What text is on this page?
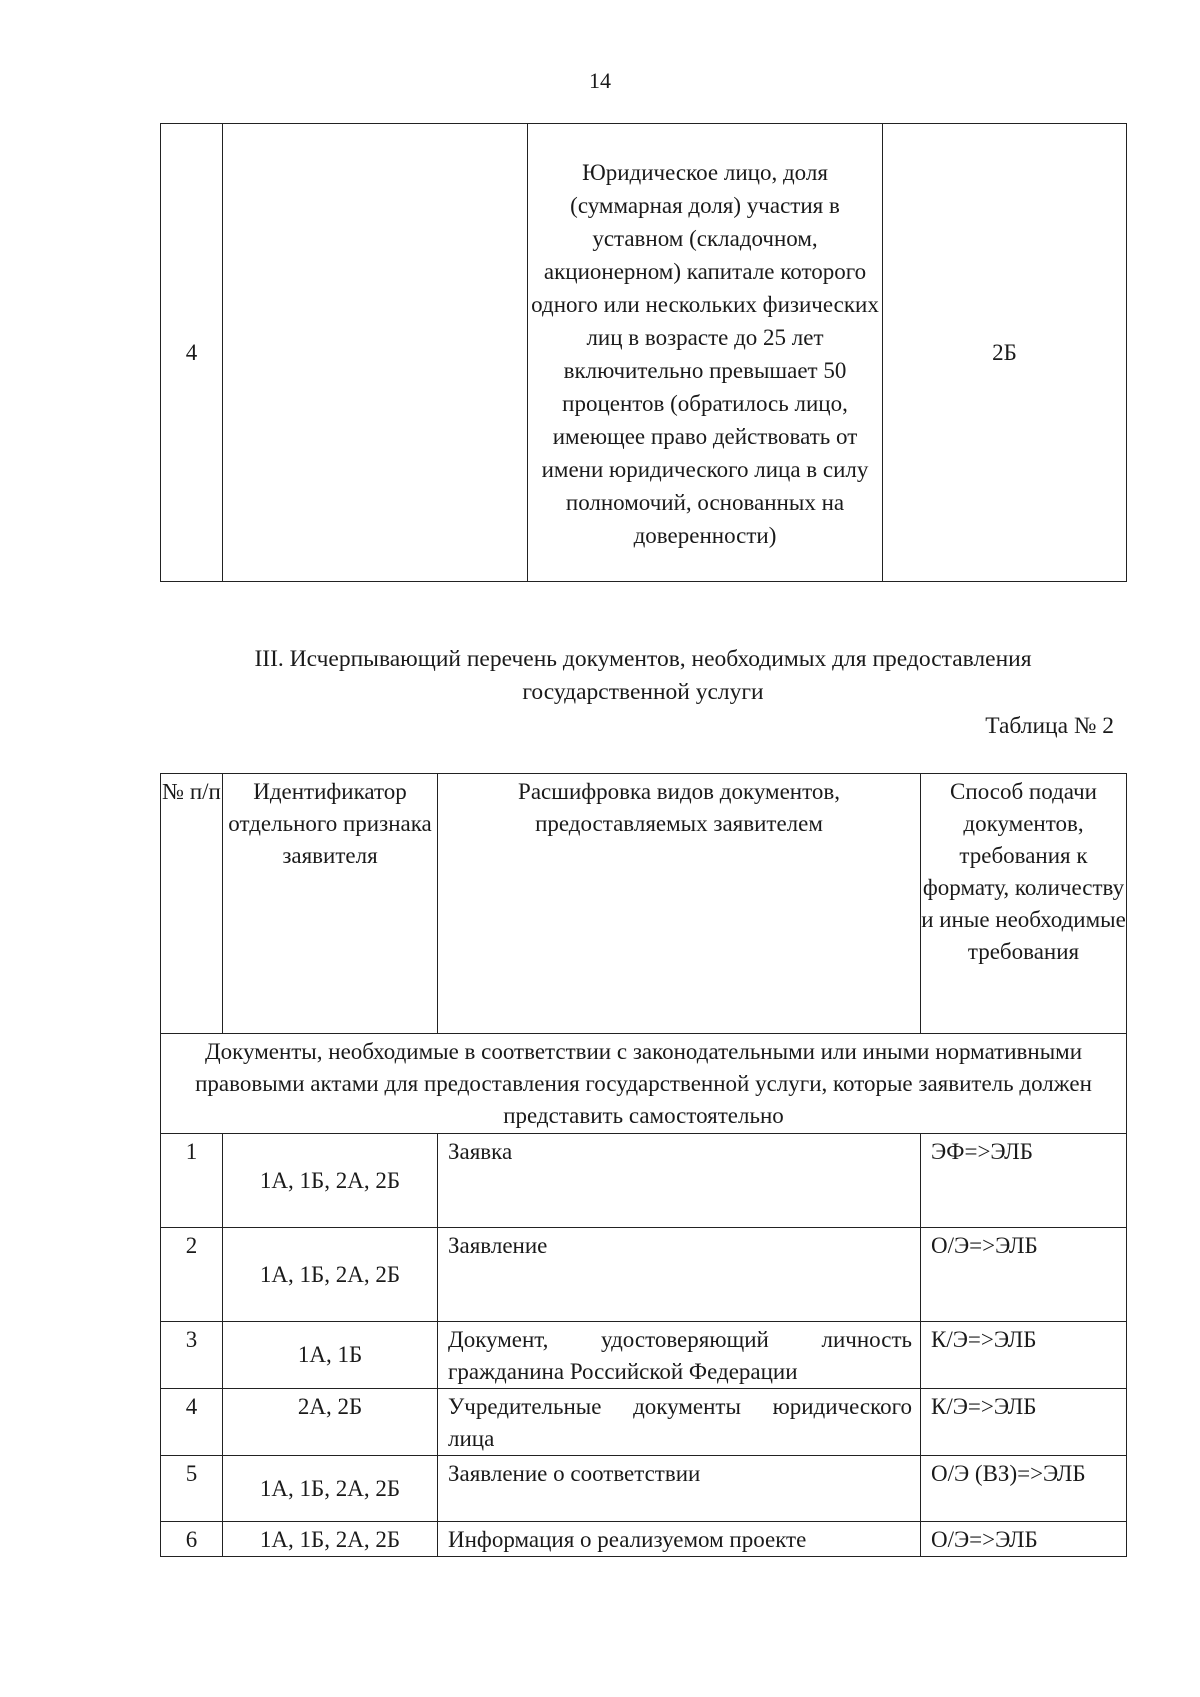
14
4		Юридическое лицо, доля (суммарная доля) участия в уставном (складочном, акционерном) капитале которого одного или нескольких физических лиц в возрасте до 25 лет включительно превышает 50 процентов (обратилось лицо, имеющее право действовать от имени юридического лица в силу полномочий, основанных на доверенности)	2Б
III. Исчерпывающий перечень документов, необходимых для предоставления
государственной услуги
Таблица № 2
№ п/п	Идентификатор отдельного признака заявителя	Расшифровка видов документов, предоставляемых заявителем	Способ подачи документов, требования к формату, количеству и иные необходимые требования
Документы, необходимые в соответствии с законодательными или иными нормативными правовыми актами для предоставления государственной услуги, которые заявитель должен представить самостоятельно			
1	1А, 1Б, 2А, 2Б	Заявка	ЭФ=>ЭЛБ
2	1А, 1Б, 2А, 2Б	Заявление	О/Э=>ЭЛБ
3	1А, 1Б	Документ, удостоверяющий личность гражданина Российской Федерации	К/Э=>ЭЛБ
4	2А, 2Б	Учредительные документы юридического лица	К/Э=>ЭЛБ
5	1А, 1Б, 2А, 2Б	Заявление о соответствии	О/Э (ВЗ)=>ЭЛБ
6	1А, 1Б, 2А, 2Б	Информация о реализуемом проекте	О/Э=>ЭЛБ
